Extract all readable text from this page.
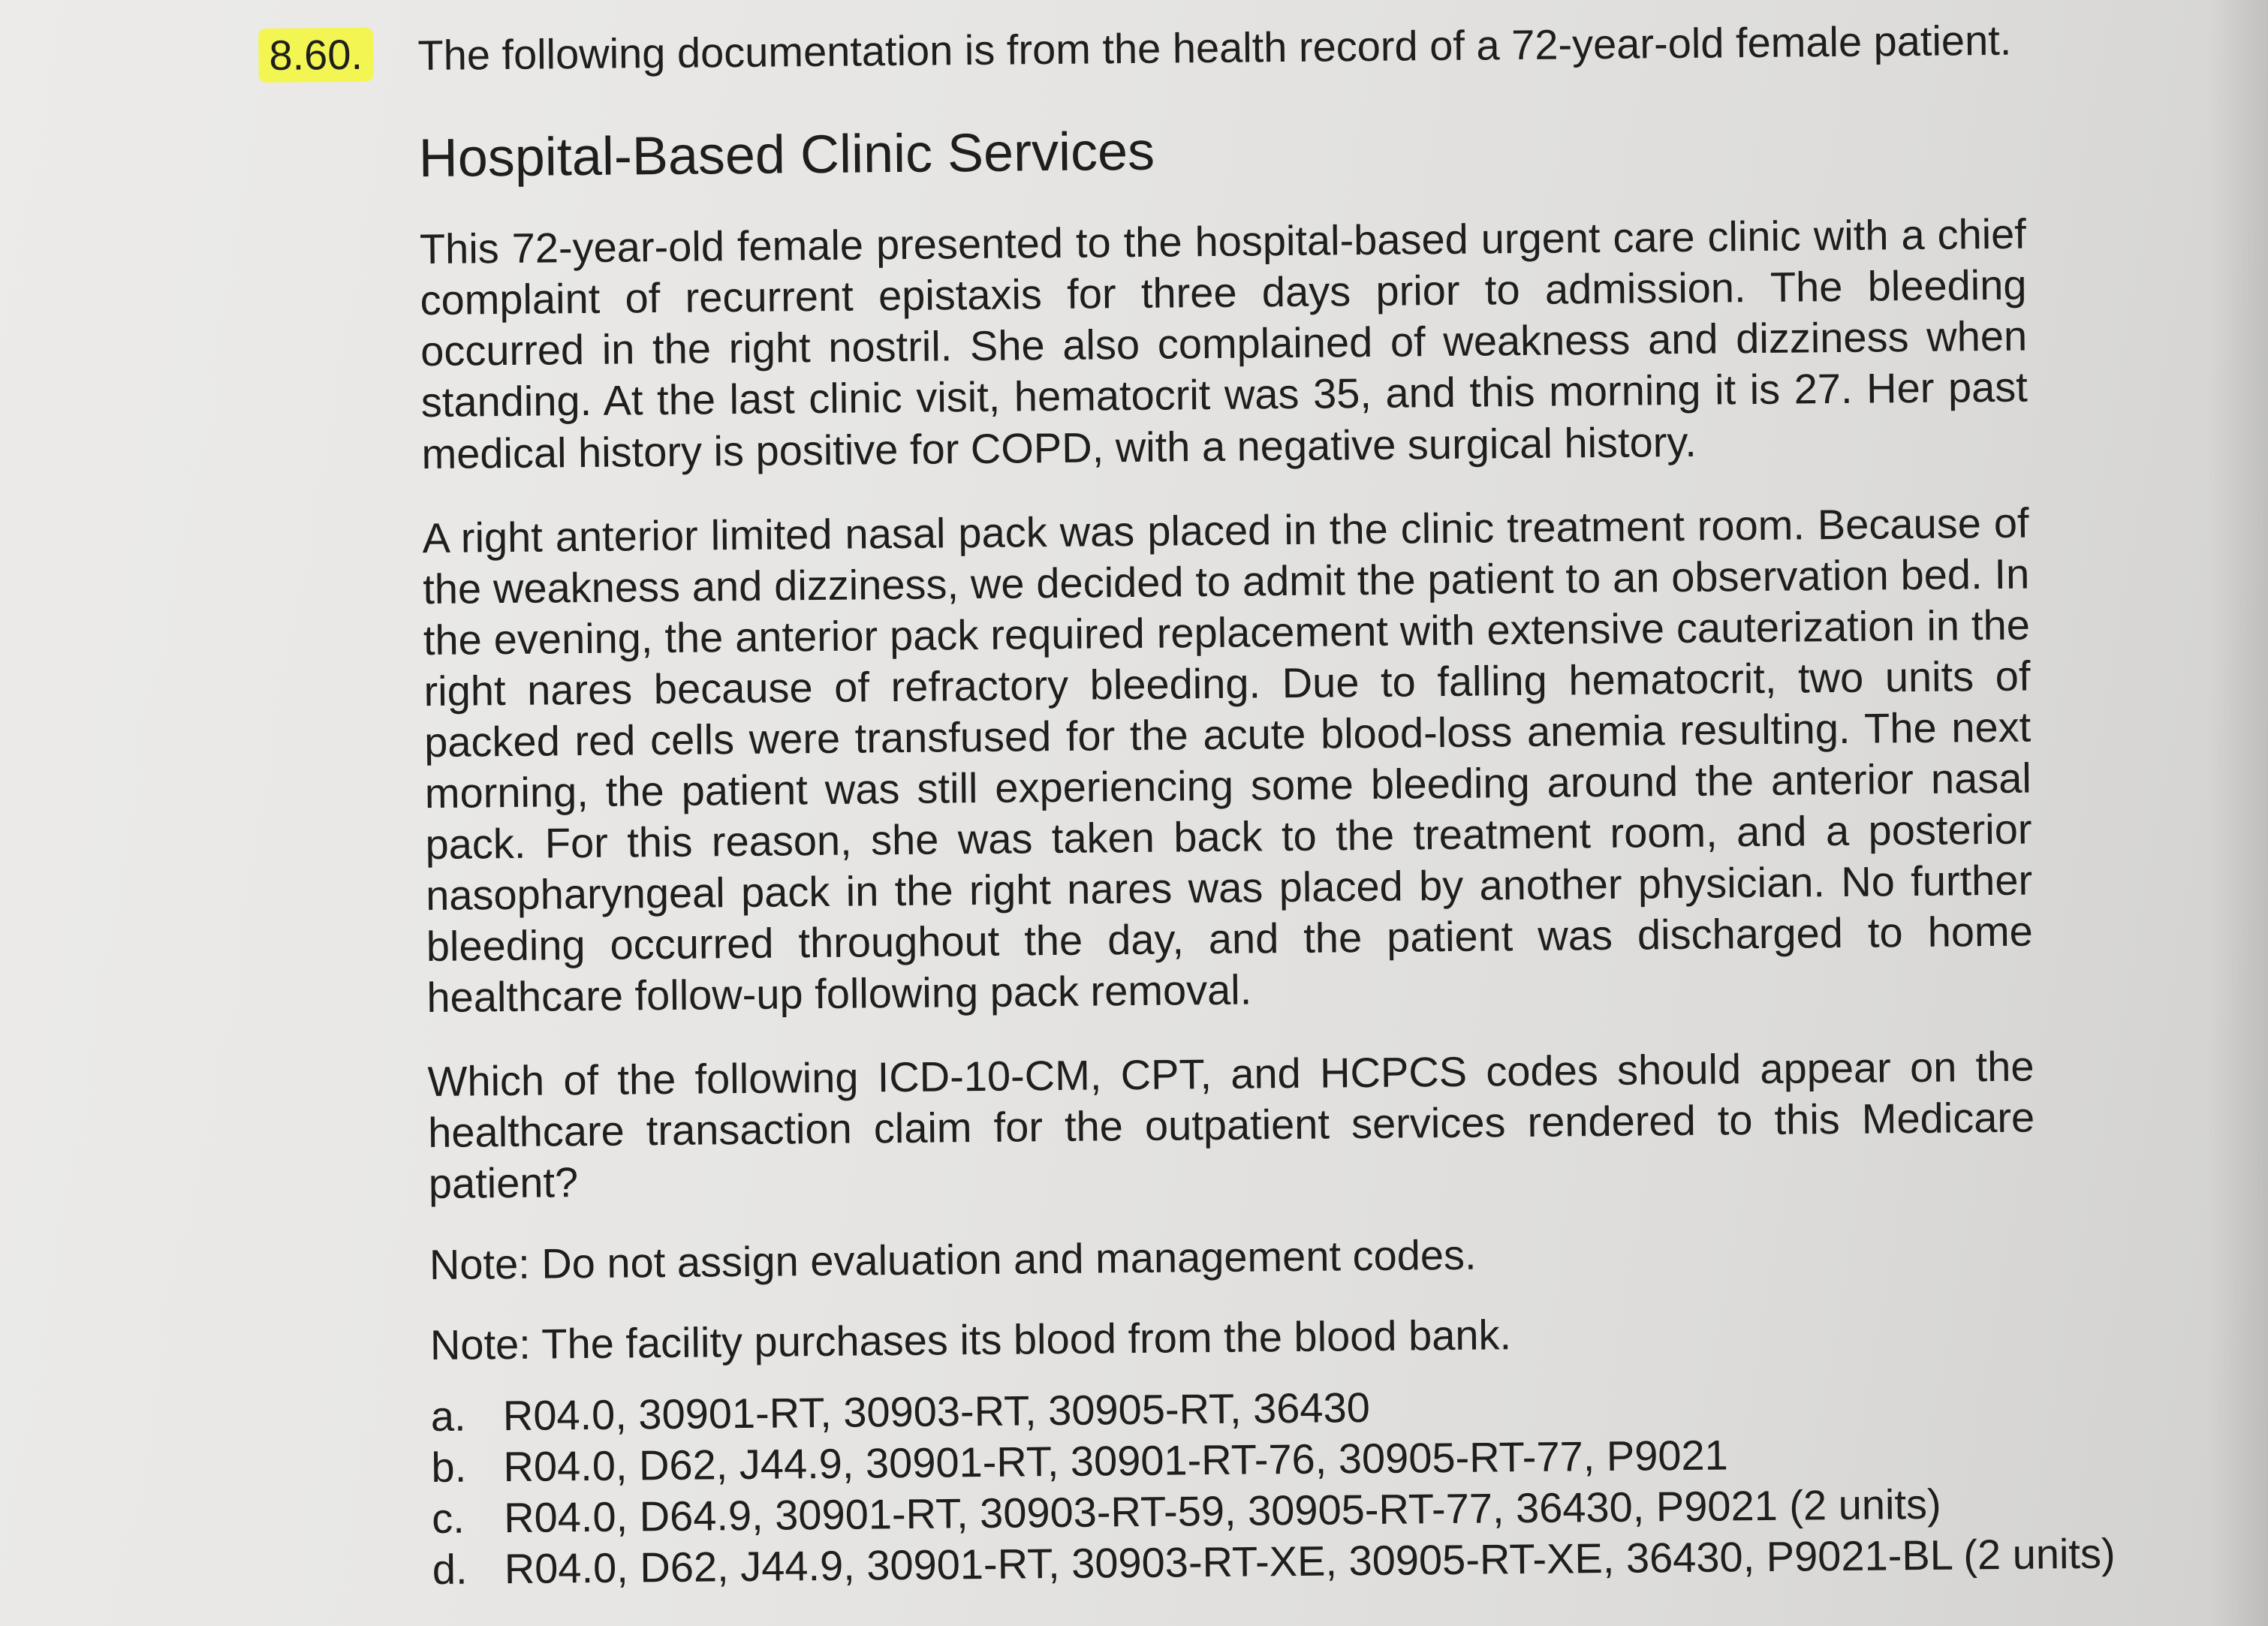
8.60. The following documentation is from the health record of a 72-year-old female patient.
Hospital-Based Clinic Services
This 72-year-old female presented to the hospital-based urgent care clinic with a chief complaint of recurrent epistaxis for three days prior to admission. The bleeding occurred in the right nostril. She also complained of weakness and dizziness when standing. At the last clinic visit, hematocrit was 35, and this morning it is 27. Her past medical history is positive for COPD, with a negative surgical history.
A right anterior limited nasal pack was placed in the clinic treatment room. Because of the weakness and dizziness, we decided to admit the patient to an observation bed. In the evening, the anterior pack required replacement with extensive cauterization in the right nares because of refractory bleeding. Due to falling hematocrit, two units of packed red cells were transfused for the acute blood-loss anemia resulting. The next morning, the patient was still experiencing some bleeding around the anterior nasal pack. For this reason, she was taken back to the treatment room, and a posterior nasopharyngeal pack in the right nares was placed by another physician. No further bleeding occurred throughout the day, and the patient was discharged to home healthcare follow-up following pack removal.
Which of the following ICD-10-CM, CPT, and HCPCS codes should appear on the healthcare transaction claim for the outpatient services rendered to this Medicare patient?
Note: Do not assign evaluation and management codes.
Note: The facility purchases its blood from the blood bank.
a. R04.0, 30901-RT, 30903-RT, 30905-RT, 36430
b. R04.0, D62, J44.9, 30901-RT, 30901-RT-76, 30905-RT-77, P9021
c. R04.0, D64.9, 30901-RT, 30903-RT-59, 30905-RT-77, 36430, P9021 (2 units)
d. R04.0, D62, J44.9, 30901-RT, 30903-RT-XE, 30905-RT-XE, 36430, P9021-BL (2 units)
